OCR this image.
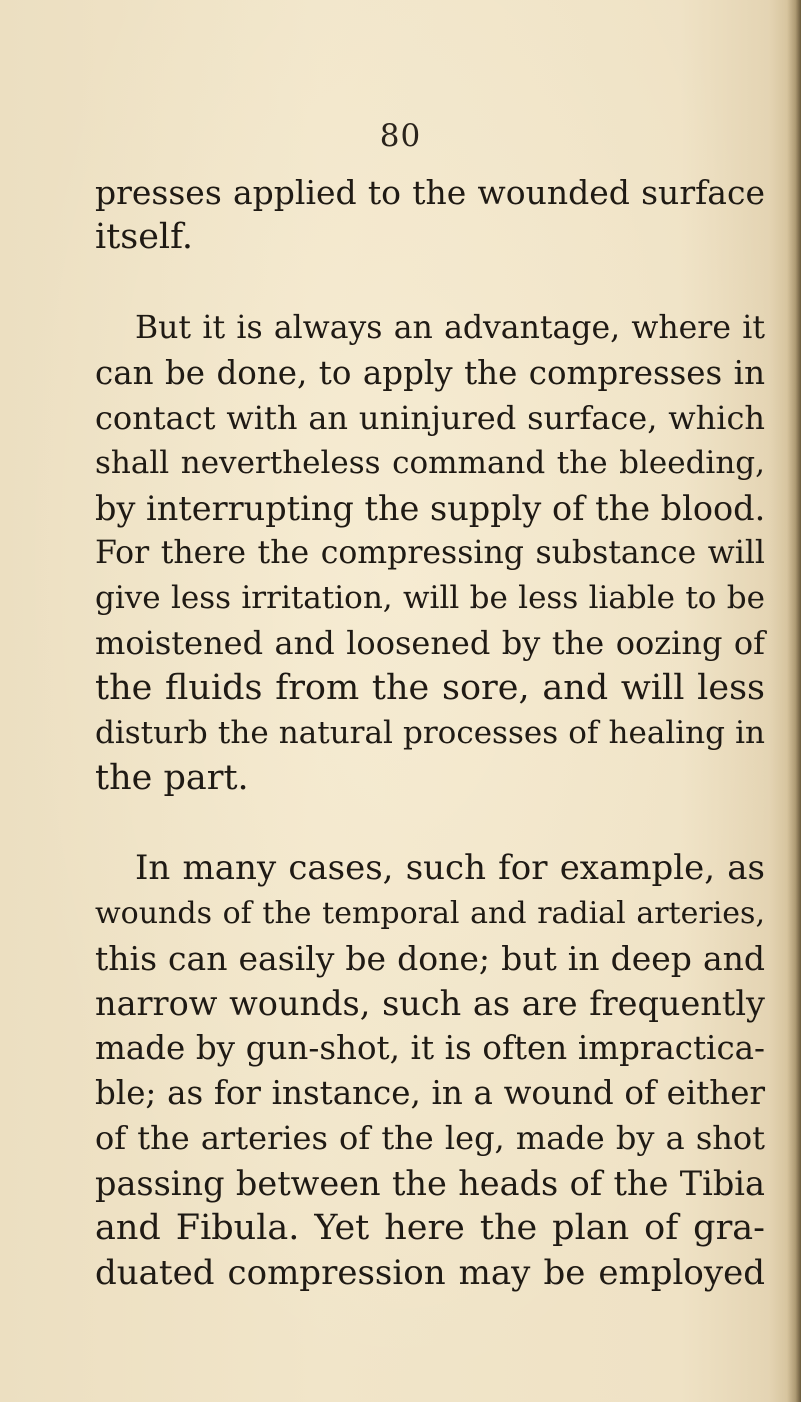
80
presses applied to the wounded surface
itself.
But it is always an advantage, where it
can be done, to apply the compresses in
contact with an uninjured surface, which
shall nevertheless command the bleeding,
by interrupting the supply of the blood.
For there the compressing substance will
give less irritation, will be less liable to be
moistened and loosened by the oozing of
the fluids from the sore, and will less
disturb the natural processes of healing in
the part.
In many cases, such for example, as
wounds of the temporal and radial arteries,
this can easily be done; but in deep and
narrow wounds, such as are frequently
made by gun-shot, it is often impractica-
ble; as for instance, in a wound of either
of the arteries of the leg, made by a shot
passing between the heads of the Tibia
and Fibula. Yet here the plan of gra-
duated compression may be employed
